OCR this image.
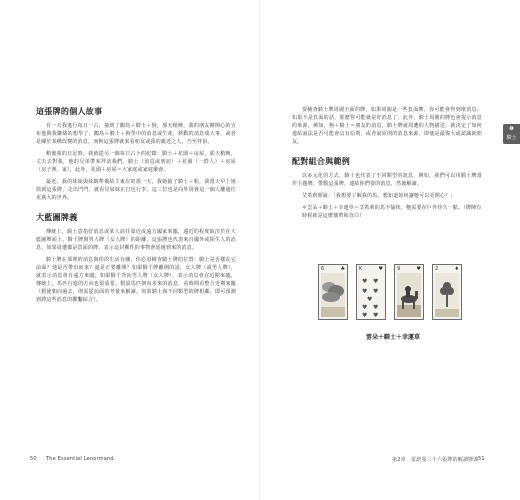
這張牌的個人故事

有一天我進行每日一占，抽到了鸛鳥＋騎士＋狗，那天稍晚，我的朋友剛開心的宣布他與我聯絡的想學了，鸛鳥＋騎士＋狗學中的消息或生產，移動的消息成大事，或者是關於某種改變的消息，而狗這張牌就來看朋友或我的親近之人，乃至伴侶。

稍後我的日記時，我就從另一個每日占卜的紀錄：騎士＋花園＋房屋，那天稍晚，丈夫去對我，他的兄弟帶來拜訪我們，騎士（消息或到訪）＋花園（一群人）＋房屋（房子裡、家），此外，花園＋房屋＝大家庭或家庭聚會。

最近，我的妹妹與妹婿準備結主東岸的那一天，我她抽了騎士＋船，我當天早上她抓到這張牌，走出門門，就看見妹妹正打包行李，這三位也是向外別會這一個人離通往更廣大的世界。

大藍圖牌義

傳統上，騎士意指好消息或某人前往靠近或遠方國家來臨，遠近的程度取決於在大藍圖牌面上，騎士牌與男人牌（女人牌）的距離，這張牌也代表來自國外或陌生人的消息，如果周遭都是負面的牌，表示這封郵件的事物會延遲到來的消息。

騎士牌在那裡的消息與你的生活有關，你必須檢查騎士牌的位置：騎士是否樣在它前面？他是否帶出而來？還是正要離開？如果騎士牌離開的話，女人牌（或男人牌），就表示消息會自遠方來臨；如果騎士背向男人牌（女人牌），表示消息會在近期來臨，傳統上，馬匹行進的方向也很重要，假設馬匹朝向未來的消息，看時間看整合近期來臨（假使朝向過去，則需從前面的考量來解讀。如果騎士與不同類型的牌相鄰，即可預測到將這些消息的聯繫結合）。

50 The Essential Lenormand

要檢查騎士牌周圍全面的牌，如果周圍是一些負面牌，你可能會得到壞消息；如果不是負面的話，那麼你可能就是好消息了，此外，騎士周圍的牌也會提示消息的來源，例如，狗＋騎士＝朋友的消息，騎士牌就周遭的人物描述，就決定了如何連結說法是否可能會具有原則，或者說原則的消息來源，即使是最偉大或認識新朋友。

配對組合與範例

以多元化的方式，騎士也代表了不同類型的訊息，例如，我們可以用騎士牌當作主題牌，帶動這張牌，連結你們要的消息，然後解讀。

艾希莉問說：「我想要了解我的馬，想知道如何讓牠可以更開心？」

＊雲朵＋騎士＋幸運草＝艾希莉的馬不愉快，牠需要在戶外待久一點。（牌陣有時候就是這麼簡單和直白）

6	♣	K	♥
♥ ♥
♥ ♥
♥
♥ ♥
♥ ♥
9	♥	2	♦
雲朵＋騎士＋幸運草
第2章　雷諾曼三十六張牌的解讀牌義 51
❶
騎士
